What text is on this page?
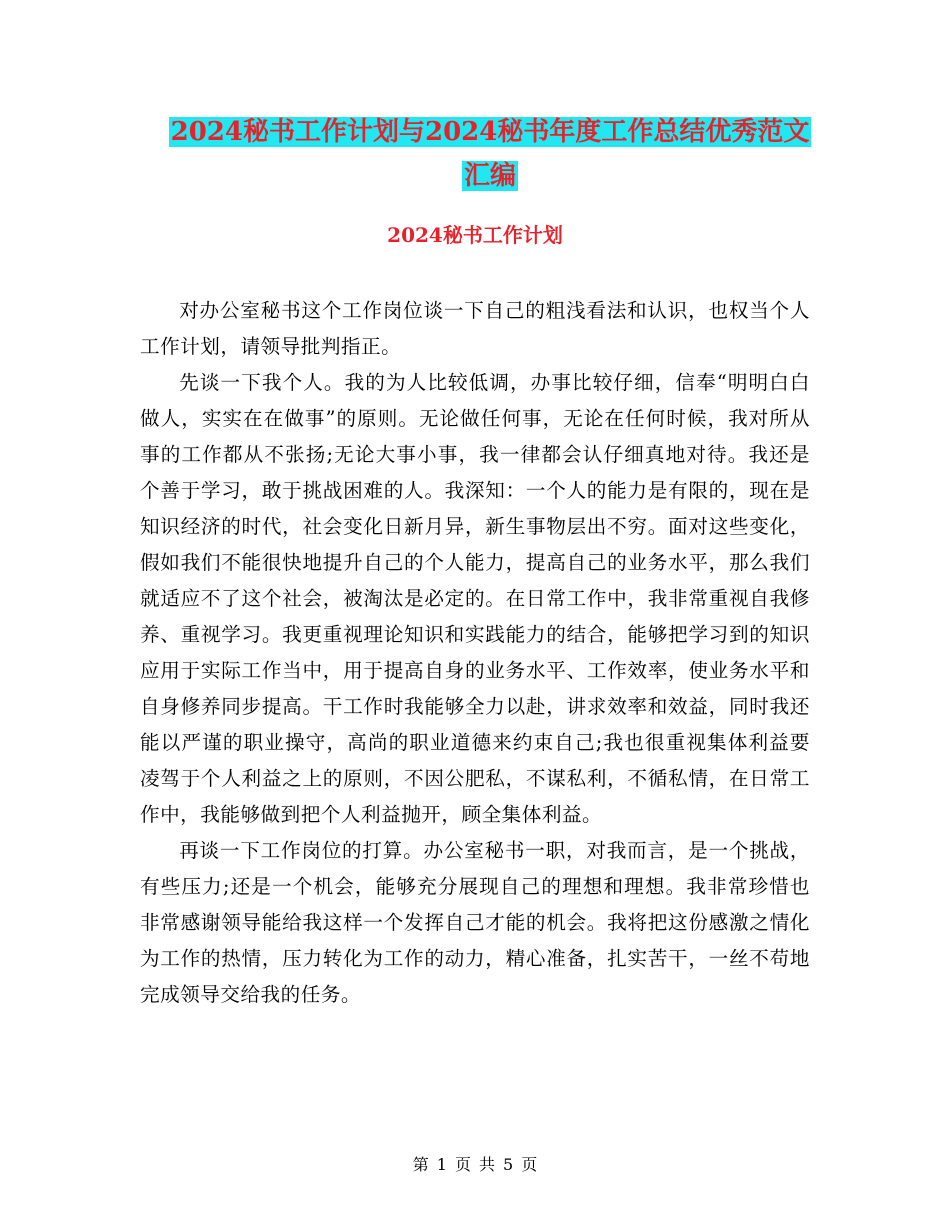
2024秘书工作计划与2024秘书年度工作总结优秀范文
汇编
2024秘书工作计划

对办公室秘书这个工作岗位谈一下自己的粗浅看法和认识，也权当个人工作计划，请领导批判指正。

先谈一下我个人。我的为人比较低调，办事比较仔细，信奉“明明白白做人，实实在在做事”的原则。无论做任何事，无论在任何时候，我对所从事的工作都从不张扬;无论大事小事，我一律都会认仔细真地对待。我还是个善于学习，敢于挑战困难的人。我深知：一个人的能力是有限的，现在是知识经济的时代，社会变化日新月异，新生事物层出不穷。面对这些变化，假如我们不能很快地提升自己的个人能力，提高自己的业务水平，那么我们就适应不了这个社会，被淘汰是必定的。在日常工作中，我非常重视自我修养、重视学习。我更重视理论知识和实践能力的结合，能够把学习到的知识应用于实际工作当中，用于提高自身的业务水平、工作效率，使业务水平和自身修养同步提高。干工作时我能够全力以赴，讲求效率和效益，同时我还能以严谨的职业操守，高尚的职业道德来约束自己;我也很重视集体利益要凌驾于个人利益之上的原则，不因公肥私，不谋私利，不循私情，在日常工作中，我能够做到把个人利益抛开，顾全集体利益。

再谈一下工作岗位的打算。办公室秘书一职，对我而言，是一个挑战，有些压力;还是一个机会，能够充分展现自己的理想和理想。我非常珍惜也非常感谢领导能给我这样一个发挥自己才能的机会。我将把这份感激之情化为工作的热情，压力转化为工作的动力，精心准备，扎实苦干，一丝不苟地完成领导交给我的任务。

第 1 页 共 5 页
